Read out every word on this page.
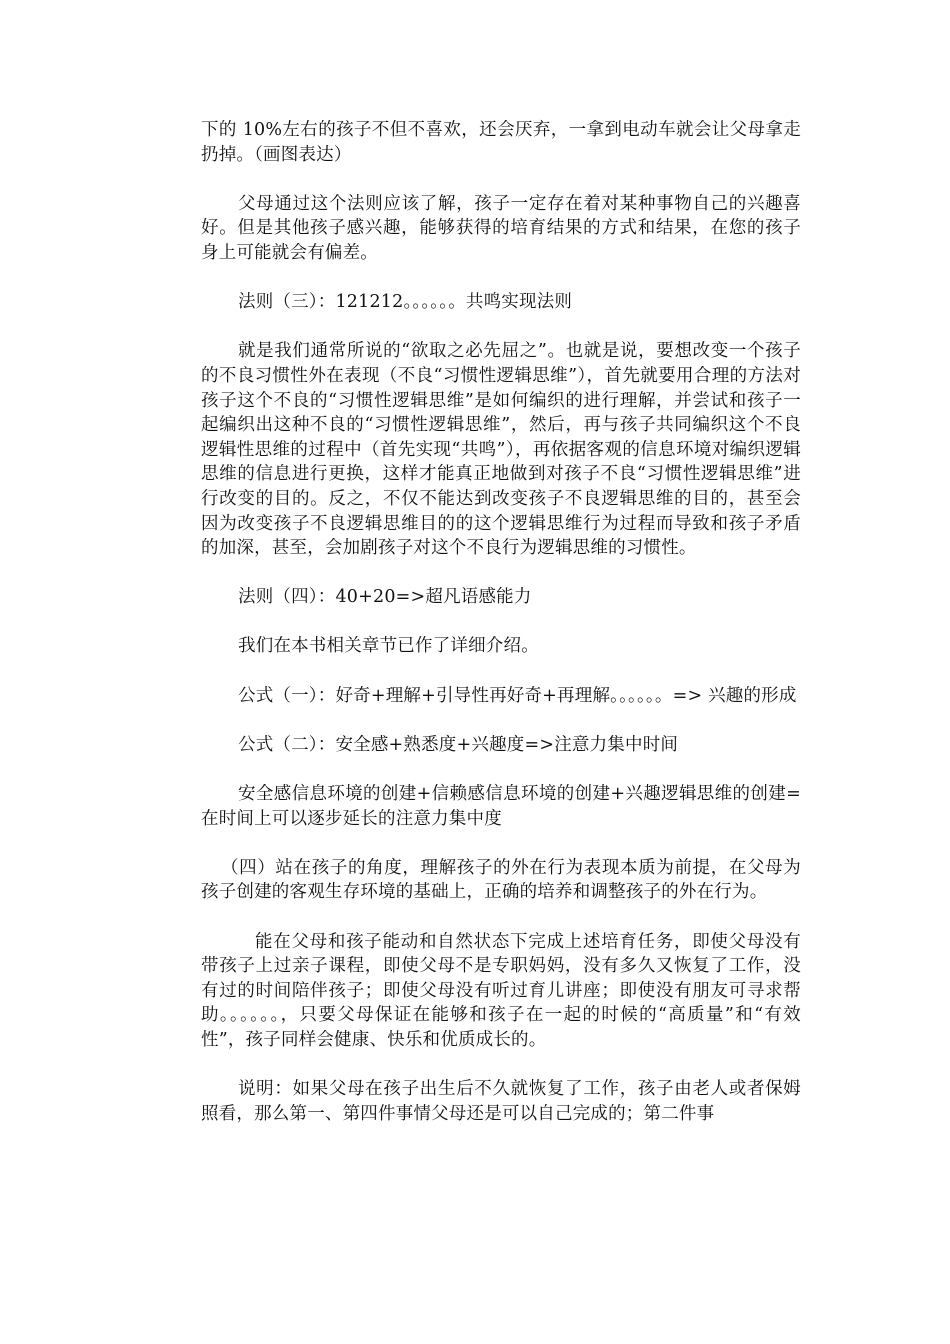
下的 10%左右的孩子不但不喜欢，还会厌弃，一拿到电动车就会让父母拿走扔掉。（画图表达）

父母通过这个法则应该了解，孩子一定存在着对某种事物自己的兴趣喜好。但是其他孩子感兴趣，能够获得的培育结果的方式和结果，在您的孩子身上可能就会有偏差。

法则（三）：121212。。。。。。共鸣实现法则

就是我们通常所说的“欲取之必先屈之”。也就是说，要想改变一个孩子的不良习惯性外在表现（不良“习惯性逻辑思维”），首先就要用合理的方法对孩子这个不良的“习惯性逻辑思维”是如何编织的进行理解，并尝试和孩子一起编织出这种不良的“习惯性逻辑思维”，然后，再与孩子共同编织这个不良逻辑性思维的过程中（首先实现“共鸣”），再依据客观的信息环境对编织逻辑思维的信息进行更换，这样才能真正地做到对孩子不良“习惯性逻辑思维”进行改变的目的。反之，不仅不能达到改变孩子不良逻辑思维的目的，甚至会因为改变孩子不良逻辑思维目的的这个逻辑思维行为过程而导致和孩子矛盾的加深，甚至，会加剧孩子对这个不良行为逻辑思维的习惯性。

法则（四）：40+20=>超凡语感能力

我们在本书相关章节已作了详细介绍。

公式（一）：好奇+理解+引导性再好奇+再理解。。。。。。=> 兴趣的形成

公式（二）：安全感+熟悉度+兴趣度=>注意力集中时间

安全感信息环境的创建+信赖感信息环境的创建+兴趣逻辑思维的创建=在时间上可以逐步延长的注意力集中度

（四）站在孩子的角度，理解孩子的外在行为表现本质为前提，在父母为孩子创建的客观生存环境的基础上，正确的培养和调整孩子的外在行为。

能在父母和孩子能动和自然状态下完成上述培育任务，即使父母没有带孩子上过亲子课程，即使父母不是专职妈妈，没有多久又恢复了工作，没有过的时间陪伴孩子；即使父母没有听过育儿讲座；即使没有朋友可寻求帮助。。。。。。，只要父母保证在能够和孩子在一起的时候的“高质量”和“有效性”，孩子同样会健康、快乐和优质成长的。

说明：如果父母在孩子出生后不久就恢复了工作，孩子由老人或者保姆照看，那么第一、第四件事情父母还是可以自己完成的；第二件事
